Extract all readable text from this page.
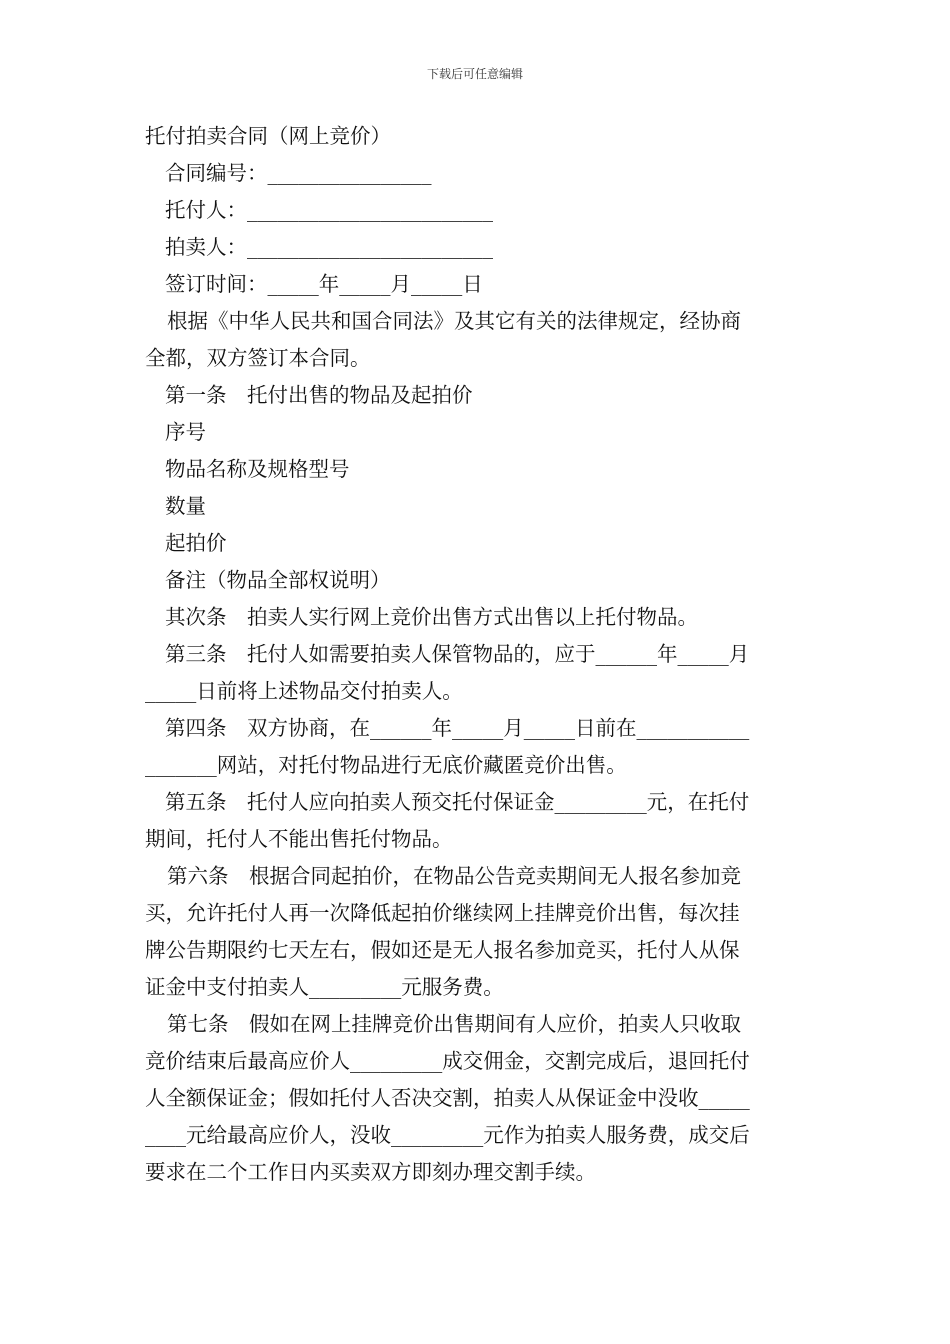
下载后可任意编辑
托付拍卖合同（网上竞价）
合同编号：________________
托付人：________________________
拍卖人：________________________
签订时间：_____年_____月_____日
根据《中华人民共和国合同法》及其它有关的法律规定，经协商
全都，双方签订本合同。
第一条　托付出售的物品及起拍价
序号
物品名称及规格型号
数量
起拍价
备注（物品全部权说明）
其次条　拍卖人实行网上竞价出售方式出售以上托付物品。
第三条　托付人如需要拍卖人保管物品的，应于______年_____月
_____日前将上述物品交付拍卖人。
第四条　双方协商，在______年_____月_____日前在___________
_______网站，对托付物品进行无底价藏匿竞价出售。
第五条　托付人应向拍卖人预交托付保证金_________元，在托付
期间，托付人不能出售托付物品。
第六条　根据合同起拍价，在物品公告竞卖期间无人报名参加竞
买，允许托付人再一次降低起拍价继续网上挂牌竞价出售，每次挂
牌公告期限约七天左右，假如还是无人报名参加竞买，托付人从保
证金中支付拍卖人_________元服务费。
第七条　假如在网上挂牌竞价出售期间有人应价，拍卖人只收取
竞价结束后最高应价人_________成交佣金，交割完成后，退回托付
人全额保证金；假如托付人否决交割，拍卖人从保证金中没收_____
____元给最高应价人，没收_________元作为拍卖人服务费，成交后
要求在二个工作日内买卖双方即刻办理交割手续。
